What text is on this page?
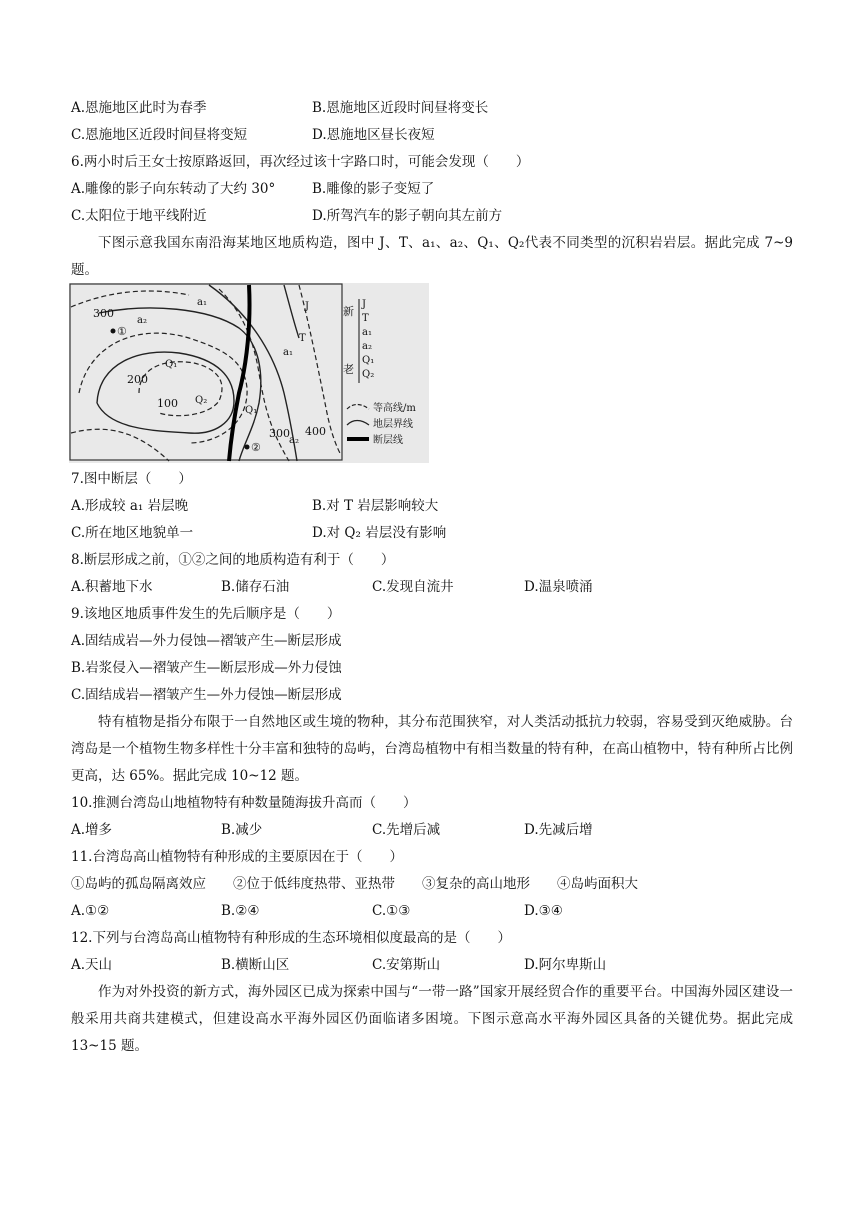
A.恩施地区此时为春季	B.恩施地区近段时间昼将变长
C.恩施地区近段时间昼将变短	D.恩施地区昼长夜短
6.两小时后王女士按原路返回，再次经过该十字路口时，可能会发现（　　）
A.雕像的影子向东转动了大约 30°	B.雕像的影子变短了
C.太阳位于地平线附近	D.所驾汽车的影子朝向其左前方
下图示意我国东南沿海某地区地质构造，图中 J、T、a₁、a₂、Q₁、Q₂代表不同类型的沉积岩岩层。据此完成 7~9 题。
300
200
100
300 400
①
②
a₁
a₂
Q₁
Q₂
Q₁
J
T
a₁
a₂
新
老
J
T
a₁
a₂
Q₁
Q₂
等高线/m
地层界线
断层线
7.图中断层（　　）
A.形成较 a₁ 岩层晚	B.对 T 岩层影响较大
C.所在地区地貌单一	D.对 Q₂ 岩层没有影响
8.断层形成之前，①②之间的地质构造有利于（　　）
A.积蓄地下水	B.储存石油	C.发现自流井	D.温泉喷涌
9.该地区地质事件发生的先后顺序是（　　）
A.固结成岩—外力侵蚀—褶皱产生—断层形成
B.岩浆侵入—褶皱产生—断层形成—外力侵蚀
C.固结成岩—褶皱产生—外力侵蚀—断层形成
特有植物是指分布限于一自然地区或生境的物种，其分布范围狭窄，对人类活动抵抗力较弱，容易受到灭绝威胁。台湾岛是一个植物生物多样性十分丰富和独特的岛屿，台湾岛植物中有相当数量的特有种，在高山植物中，特有种所占比例更高，达 65%。据此完成 10~12 题。
10.推测台湾岛山地植物特有种数量随海拔升高而（　　）
A.增多	B.减少	C.先增后减	D.先减后增
11.台湾岛高山植物特有种形成的主要原因在于（　　）
①岛屿的孤岛隔离效应　　②位于低纬度热带、亚热带　　③复杂的高山地形　　④岛屿面积大
A.①②	B.②④	C.①③	D.③④
12.下列与台湾岛高山植物特有种形成的生态环境相似度最高的是（　　）
A.天山	B.横断山区	C.安第斯山	D.阿尔卑斯山
作为对外投资的新方式，海外园区已成为探索中国与“一带一路”国家开展经贸合作的重要平台。中国海外园区建设一般采用共商共建模式，但建设高水平海外园区仍面临诸多困境。下图示意高水平海外园区具备的关键优势。据此完成 13~15 题。
